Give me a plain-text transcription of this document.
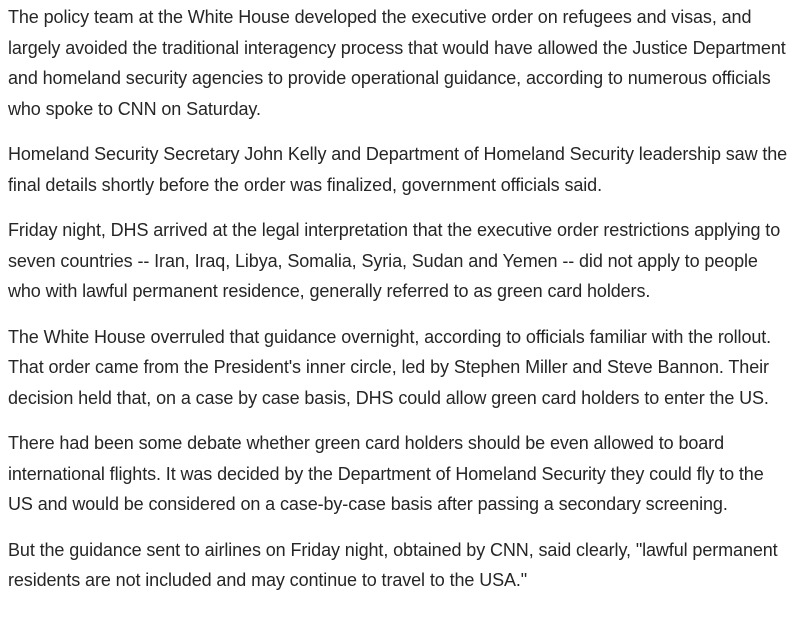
The policy team at the White House developed the executive order on refugees and visas, and largely avoided the traditional interagency process that would have allowed the Justice Department and homeland security agencies to provide operational guidance, according to numerous officials who spoke to CNN on Saturday.

Homeland Security Secretary John Kelly and Department of Homeland Security leadership saw the final details shortly before the order was finalized, government officials said.

Friday night, DHS arrived at the legal interpretation that the executive order restrictions applying to seven countries -- Iran, Iraq, Libya, Somalia, Syria, Sudan and Yemen -- did not apply to people who with lawful permanent residence, generally referred to as green card holders.

The White House overruled that guidance overnight, according to officials familiar with the rollout. That order came from the President's inner circle, led by Stephen Miller and Steve Bannon. Their decision held that, on a case by case basis, DHS could allow green card holders to enter the US.

There had been some debate whether green card holders should be even allowed to board international flights. It was decided by the Department of Homeland Security they could fly to the US and would be considered on a case-by-case basis after passing a secondary screening.

But the guidance sent to airlines on Friday night, obtained by CNN, said clearly, "lawful permanent residents are not included and may continue to travel to the USA."
